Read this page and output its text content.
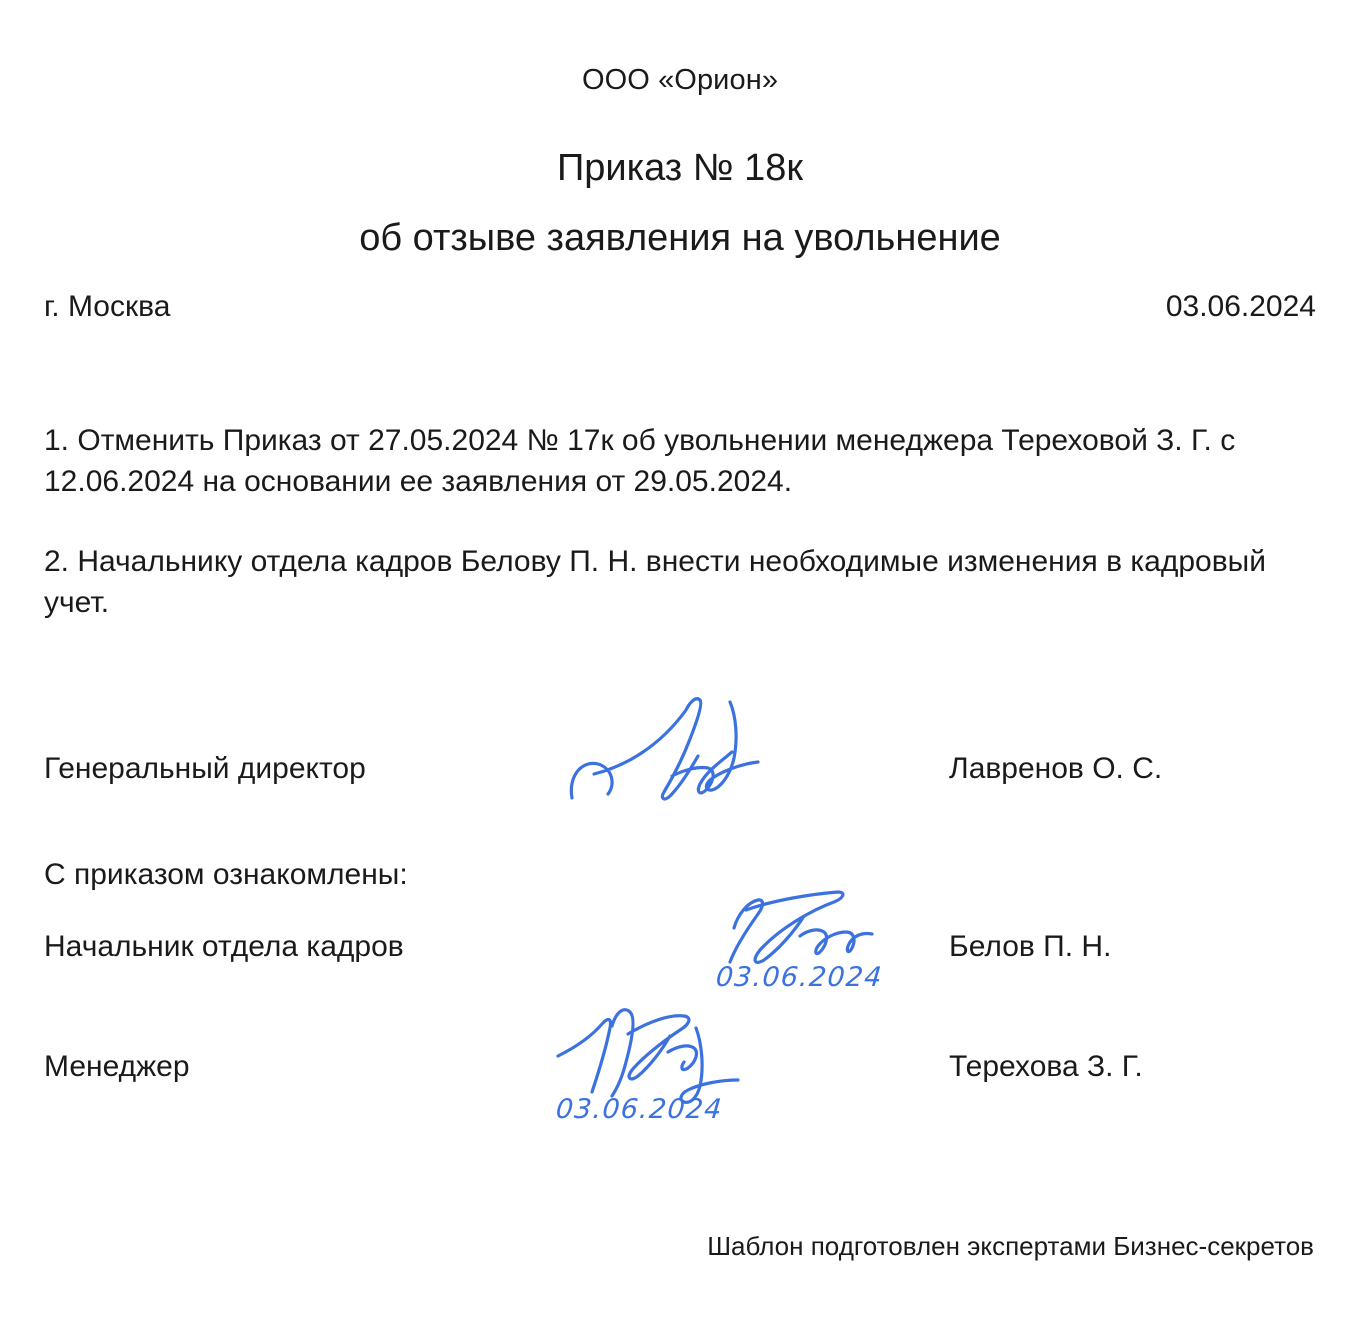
ООО «Орион»
Приказ № 18к
об отзыве заявления на увольнение
г. Москва	03.06.2024

1. Отменить Приказ от 27.05.2024 № 17к об увольнении менеджера Тереховой З. Г. с 12.06.2024 на основании ее заявления от 29.05.2024.

2. Начальнику отдела кадров Белову П. Н. внести необходимые изменения в кадровый учет.

Генеральный директор	Лавренов О. С.
С приказом ознакомлены:
Начальник отдела кадров
03.06.2024
Белов П. Н.
Менеджер
03.06.2024
Терехова З. Г.
Шаблон подготовлен экспертами Бизнес-секретов
